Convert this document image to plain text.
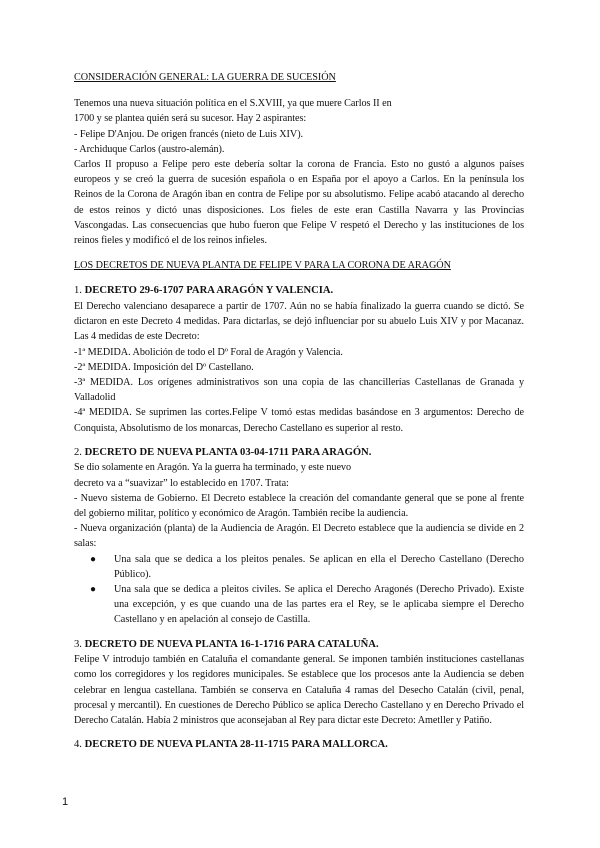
CONSIDERACIÓN GENERAL: LA GUERRA DE SUCESIÓN

Tenemos una nueva situación política en el S.XVIII, ya que muere Carlos II en

1700 y se plantea quién será su sucesor. Hay 2 aspirantes:

- Felipe D'Anjou. De origen francés (nieto de Luis XIV).

- Archiduque Carlos (austro-alemán).

Carlos II propuso a Felipe pero este debería soltar la corona de Francia. Esto no gustó a algunos países europeos y se creó la guerra de sucesión española o en España por el apoyo a Carlos. En la península los Reinos de la Corona de Aragón iban en contra de Felipe por su absolutismo. Felipe acabó atacando al derecho de estos reinos y dictó unas disposiciones. Los fieles de este eran Castilla Navarra y las Provincias Vascongadas. Las consecuencias que hubo fueron que Felipe V respetó el Derecho y las instituciones de los reinos fieles y modificó el de los reinos infieles.

LOS DECRETOS DE NUEVA PLANTA DE FELIPE V PARA LA CORONA DE ARAGÓN

1. DECRETO 29-6-1707 PARA ARAGÓN Y VALENCIA.

El Derecho valenciano desaparece a partir de 1707. Aún no se había finalizado la guerra cuando se dictó. Se dictaron en este Decreto 4 medidas. Para dictarlas, se dejó influenciar por su abuelo Luis XIV y por Macanaz. Las 4 medidas de este Decreto:

-1ª MEDIDA. Abolición de todo el Dº Foral de Aragón y Valencia.

-2ª MEDIDA. Imposición del Dº Castellano.

-3ª MEDIDA. Los orígenes administrativos son una copia de las chancillerías Castellanas de Granada y Valladolid

-4ª MEDIDA. Se suprimen las cortes.Felipe V tomó estas medidas basándose en 3 argumentos: Derecho de Conquista, Absolutismo de los monarcas, Derecho Castellano es superior al resto.

2. DECRETO DE NUEVA PLANTA 03-04-1711 PARA ARAGÓN.

Se dio solamente en Aragón. Ya la guerra ha terminado, y este nuevo

decreto va a “suavizar” lo establecido en 1707. Trata:

- Nuevo sistema de Gobierno. El Decreto establece la creación del comandante general que se pone al frente del gobierno militar, político y económico de Aragón. También recibe la audiencia.

- Nueva organización (planta) de la Audiencia de Aragón. El Decreto establece que la audiencia se divide en 2 salas:

● Una sala que se dedica a los pleitos penales. Se aplican en ella el Derecho Castellano (Derecho Público).
● Una sala que se dedica a pleitos civiles. Se aplica el Derecho Aragonés (Derecho Privado). Existe una excepción, y es que cuando una de las partes era el Rey, se le aplicaba siempre el Derecho Castellano y en apelación al consejo de Castilla.

3. DECRETO DE NUEVA PLANTA 16-1-1716 PARA CATALUÑA.

Felipe V introdujo también en Cataluña el comandante general. Se imponen también instituciones castellanas como los corregidores y los regidores municipales. Se establece que los procesos ante la Audiencia se deben celebrar en lengua castellana. También se conserva en Cataluña 4 ramas del Desecho Catalán (civil, penal, procesal y mercantil). En cuestiones de Derecho Público se aplica Derecho Castellano y en Derecho Privado el Derecho Catalán. Había 2 ministros que aconsejaban al Rey para dictar este Decreto: Ametller y Patiño.

4. DECRETO DE NUEVA PLANTA 28-11-1715 PARA MALLORCA.

1
